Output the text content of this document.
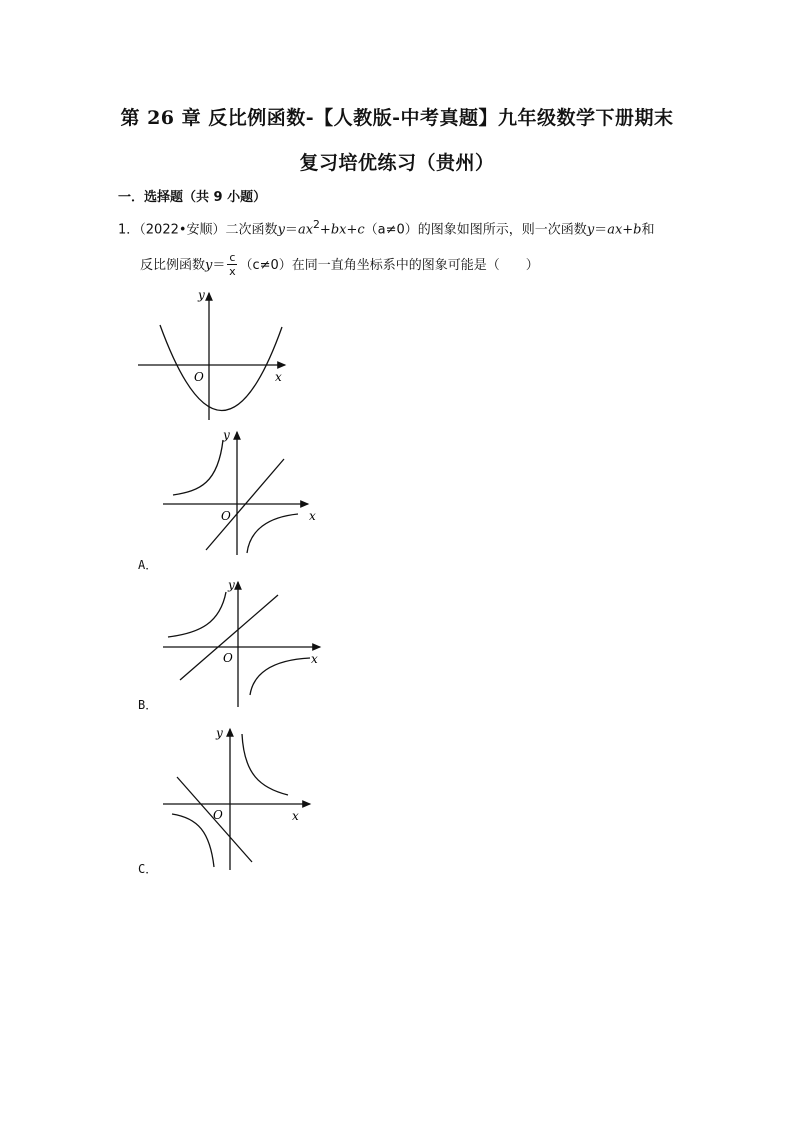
第 26 章 反比例函数-【人教版-中考真题】九年级数学下册期末
复习培优练习（贵州）
一．选择题（共 9 小题）
1．（2022•安顺）二次函数$y=ax^2+bx+c(a\ne 0)$的图象如图所示，则一次函数y＝ax+b和
反比例函数$y= \frac{c}{x} (c\ne 0)$在同一直角坐标系中的图象可能是（　　）
y
x
O
y
x
O
A．
y
x
O
B．
y
x
O
C．
